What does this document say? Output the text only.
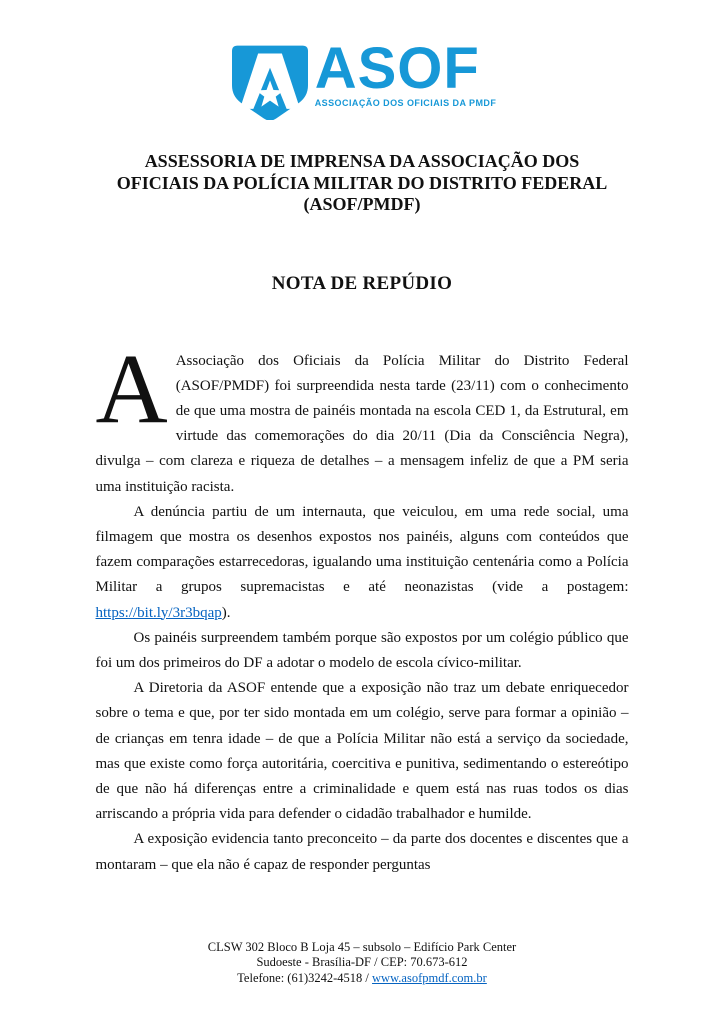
ASOF
ASSOCIAÇÃO DOS OFICIAIS DA PMDF
ASSESSORIA DE IMPRENSA DA ASSOCIAÇÃO DOS
OFICIAIS DA POLÍCIA MILITAR DO DISTRITO FEDERAL
(ASOF/PMDF)
NOTA DE REPÚDIO

A Associação dos Oficiais da Polícia Militar do Distrito Federal (ASOF/PMDF) foi surpreendida nesta tarde (23/11) com o conhecimento de que uma mostra de painéis montada na escola CED 1, da Estrutural, em virtude das comemorações do dia 20/11 (Dia da Consciência Negra), divulga – com clareza e riqueza de detalhes – a mensagem infeliz de que a PM seria uma instituição racista.

A denúncia partiu de um internauta, que veiculou, em uma rede social, uma filmagem que mostra os desenhos expostos nos painéis, alguns com conteúdos que fazem comparações estarrecedoras, igualando uma instituição centenária como a Polícia Militar a grupos supremacistas e até neonazistas (vide a postagem: https://bit.ly/3r3bqap).

Os painéis surpreendem também porque são expostos por um colégio público que foi um dos primeiros do DF a adotar o modelo de escola cívico-militar.

A Diretoria da ASOF entende que a exposição não traz um debate enriquecedor sobre o tema e que, por ter sido montada em um colégio, serve para formar a opinião – de crianças em tenra idade – de que a Polícia Militar não está a serviço da sociedade, mas que existe como força autoritária, coercitiva e punitiva, sedimentando o estereótipo de que não há diferenças entre a criminalidade e quem está nas ruas todos os dias arriscando a própria vida para defender o cidadão trabalhador e humilde.

A exposição evidencia tanto preconceito – da parte dos docentes e discentes que a montaram – que ela não é capaz de responder perguntas

CLSW 302 Bloco B Loja 45 – subsolo – Edifício Park Center
Sudoeste - Brasília-DF / CEP: 70.673-612
Telefone: (61)3242-4518 / www.asofpmdf.com.br
